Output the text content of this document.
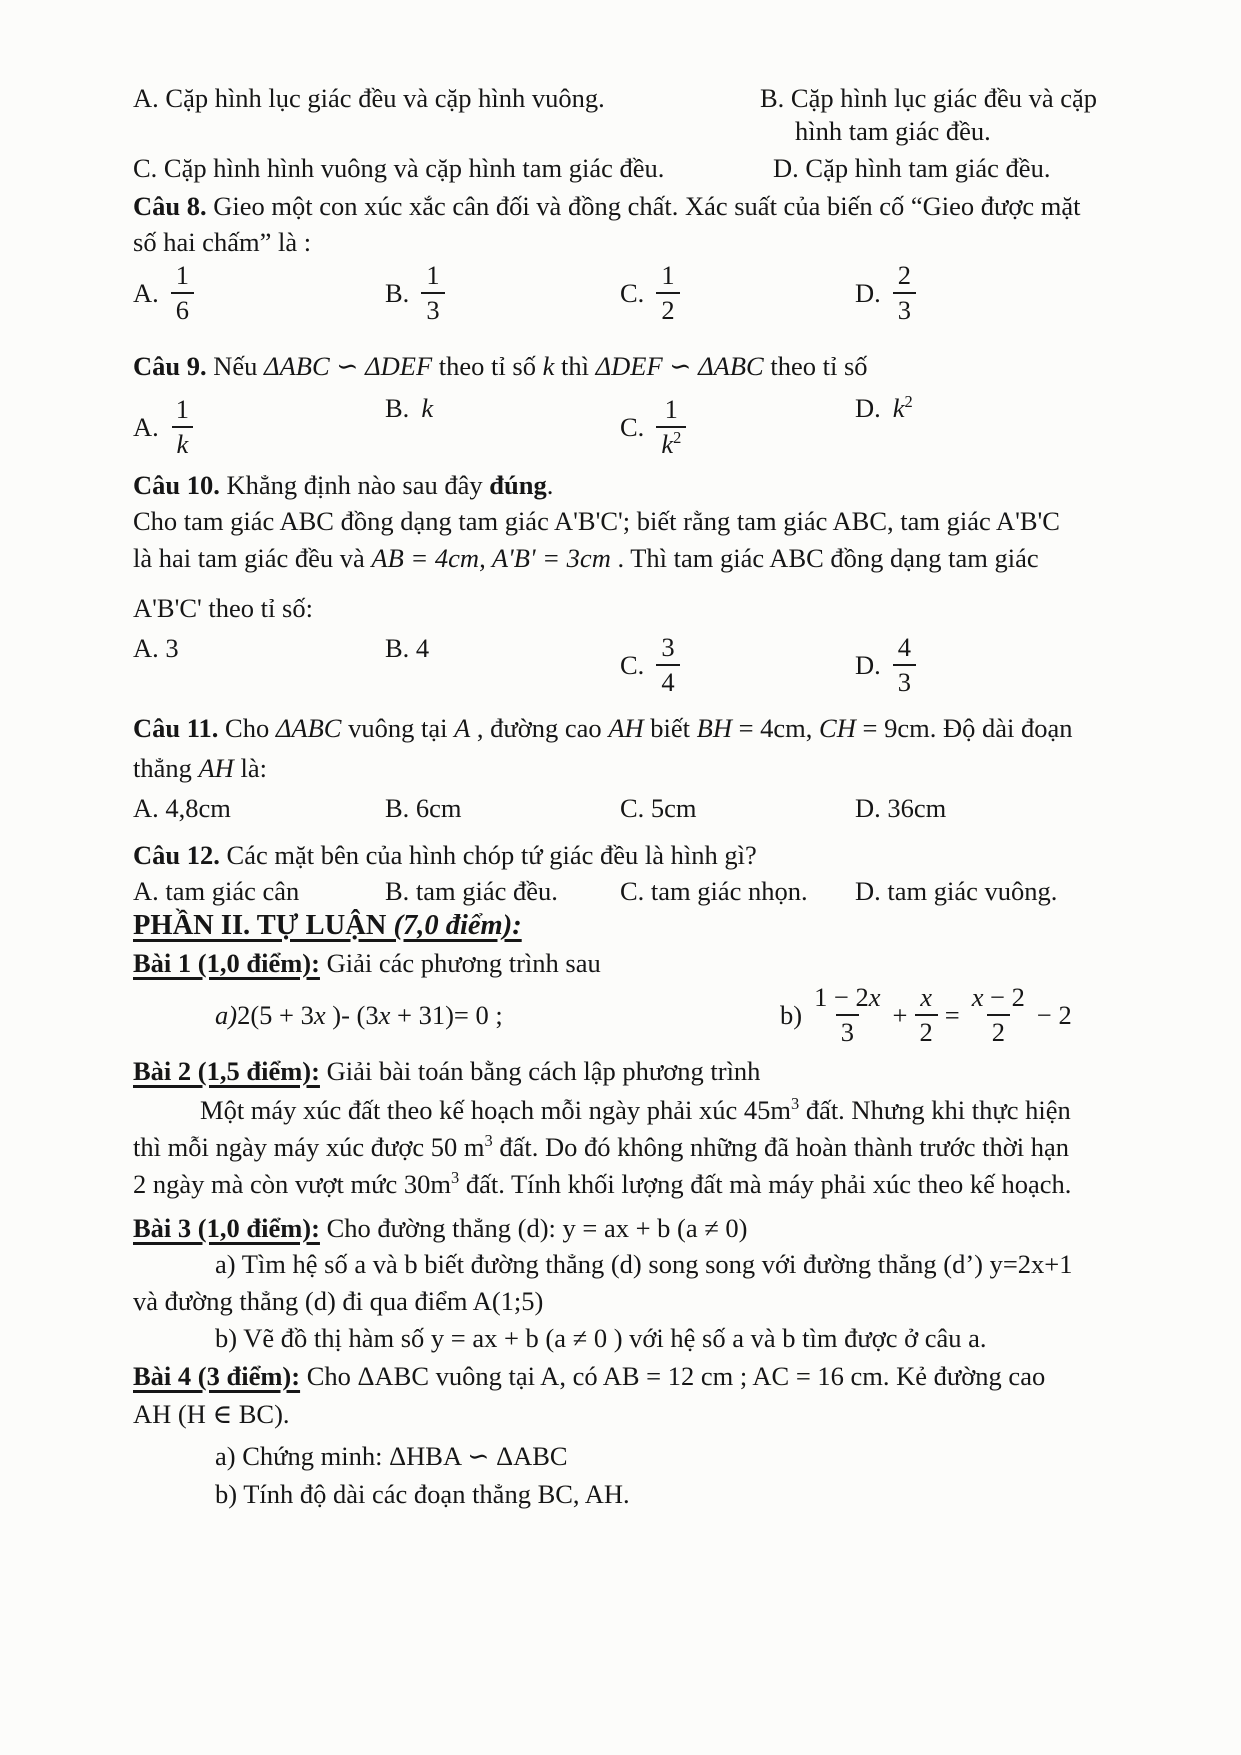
A. Cặp hình lục giác đều và cặp hình vuông.	B. Cặp hình lục giác đều và cặp
hình tam giác đều.
C. Cặp hình hình vuông và cặp hình tam giác đều.	D. Cặp hình tam giác đều.
Câu 8. Gieo một con xúc xắc cân đối và đồng chất. Xác suất của biến cố “Gieo được mặt
số hai chấm” là :
A. $\frac{1}{6}$	B. $\frac{1}{3}$	C. $\frac{1}{2}$	D. $\frac{2}{3}$
Câu 9. Nếu ΔABC ∽ ΔDEF theo tỉ số k thì ΔDEF ∽ ΔABC theo tỉ số
A. $\frac{1}{k}$	B. k
C. $\frac{1}{k^2}$	D. $k^2$
Câu 10. Khẳng định nào sau đây đúng.
Cho tam giác ABC đồng dạng tam giác A'B'C'; biết rằng tam giác ABC, tam giác A'B'C
là hai tam giác đều và AB = 4cm, A'B' = 3cm . Thì tam giác ABC đồng dạng tam giác
A'B'C' theo tỉ số:
A. 3	B. 4
C. $\frac{3}{4}$	D. $\frac{4}{3}$
Câu 11. Cho ΔABC vuông tại A , đường cao AH biết BH = 4cm, CH = 9cm. Độ dài đoạn
thẳng AH là:
A. 4,8cm	B. 6cm	C. 5cm	D. 36cm
Câu 12. Các mặt bên của hình chóp tứ giác đều là hình gì?
A. tam giác cân	B. tam giác đều.	C. tam giác nhọn.	D. tam giác vuông.
PHẦN II. TỰ LUẬN (7,0 điểm):
Bài 1 (1,0 điểm): Giải các phương trình sau
a)2(5 + 3x )- (3x + 31)= 0 ;	$b) \frac{1 - 2x}{3} + \frac{x}{2} = \frac{x - 2}{2} - 2$
Bài 2 (1,5 điểm): Giải bài toán bằng cách lập phương trình
Một máy xúc đất theo kế hoạch mỗi ngày phải xúc $45m^3$ đất. Nhưng khi thực hiện
thì mỗi ngày máy xúc được 50 $m^3$ đất. Do đó không những đã hoàn thành trước thời hạn
2 ngày mà còn vượt mức $30m^3$ đất. Tính khối lượng đất mà máy phải xúc theo kế hoạch.
Bài 3 (1,0 điểm): Cho đường thẳng (d): y = ax + b (a ≠ 0)
a) Tìm hệ số a và b biết đường thẳng (d) song song với đường thẳng (d’) y=2x+1
và đường thẳng (d) đi qua điểm A(1;5)
b) Vẽ đồ thị hàm số y = ax + b (a ≠ 0 ) với hệ số a và b tìm được ở câu a.
Bài 4 (3 điểm): Cho ΔABC vuông tại A, có AB = 12 cm ; AC = 16 cm. Kẻ đường cao
AH (H ∈ BC).
a) Chứng minh: ΔHBA ∽ ΔABC
b) Tính độ dài các đoạn thẳng BC, AH.
